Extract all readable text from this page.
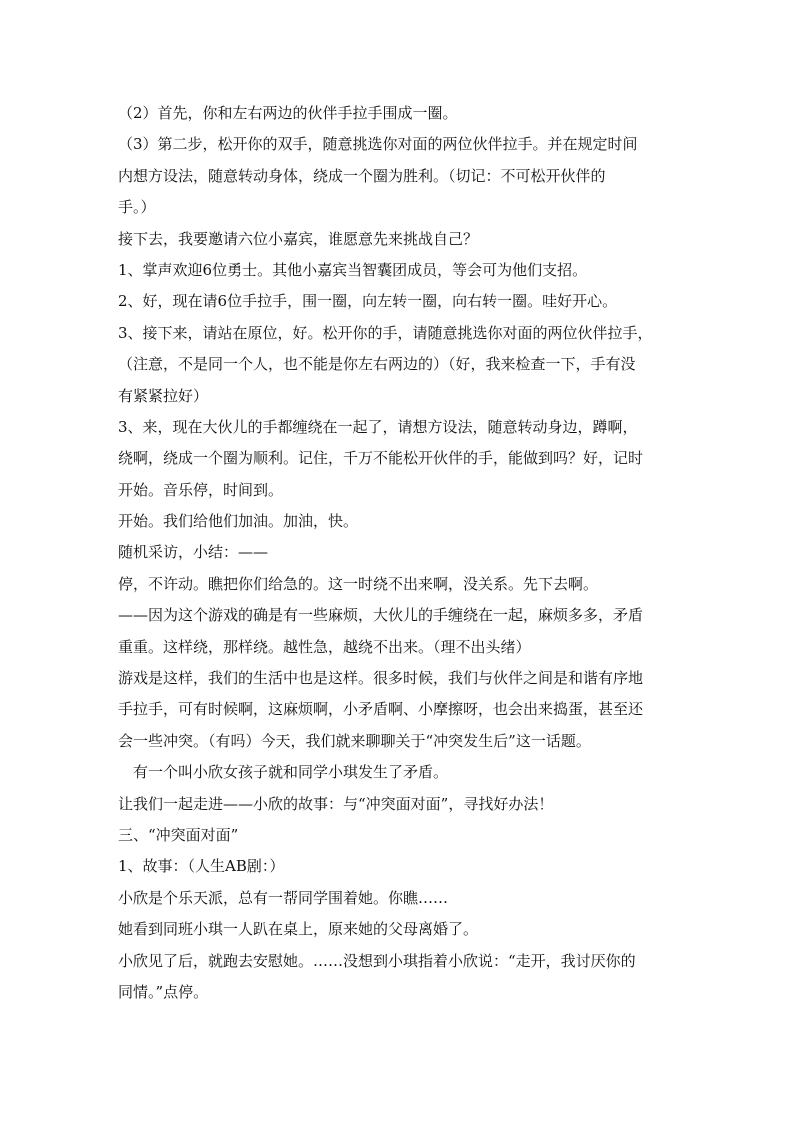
（2）首先，你和左右两边的伙伴手拉手围成一圈。
（3）第二步，松开你的双手，随意挑选你对面的两位伙伴拉手。并在规定时间
内想方设法，随意转动身体，绕成一个圈为胜利。（切记：不可松开伙伴的
手。）
接下去，我要邀请六位小嘉宾，谁愿意先来挑战自己？
1、掌声欢迎6位勇士。其他小嘉宾当智囊团成员，等会可为他们支招。
2、好，现在请6位手拉手，围一圈，向左转一圈，向右转一圈。哇好开心。
3、接下来，请站在原位，好。松开你的手，请随意挑选你对面的两位伙伴拉手，
（注意，不是同一个人，也不能是你左右两边的）（好，我来检查一下，手有没
有紧紧拉好）
3、来，现在大伙儿的手都缠绕在一起了，请想方设法，随意转动身边，蹲啊，
绕啊，绕成一个圈为顺利。记住，千万不能松开伙伴的手，能做到吗？好，记时
开始。音乐停，时间到。
开始。我们给他们加油。加油，快。
随机采访，小结：——
停，不许动。瞧把你们给急的。这一时绕不出来啊，没关系。先下去啊。
——因为这个游戏的确是有一些麻烦，大伙儿的手缠绕在一起，麻烦多多，矛盾
重重。这样绕，那样绕。越性急，越绕不出来。（理不出头绪）
游戏是这样，我们的生活中也是这样。很多时候，我们与伙伴之间是和谐有序地
手拉手，可有时候啊，这麻烦啊，小矛盾啊、小摩擦呀，也会出来捣蛋，甚至还
会一些冲突。（有吗）今天，我们就来聊聊关于“冲突发生后”这一话题。
　有一个叫小欣女孩子就和同学小琪发生了矛盾。
让我们一起走进——小欣的故事：与“冲突面对面”，寻找好办法！
三、“冲突面对面”
1、故事：（人生AB剧：）
小欣是个乐天派，总有一帮同学围着她。你瞧……
她看到同班小琪一人趴在桌上，原来她的父母离婚了。
小欣见了后，就跑去安慰她。……没想到小琪指着小欣说：“走开，我讨厌你的
同情。”点停。
